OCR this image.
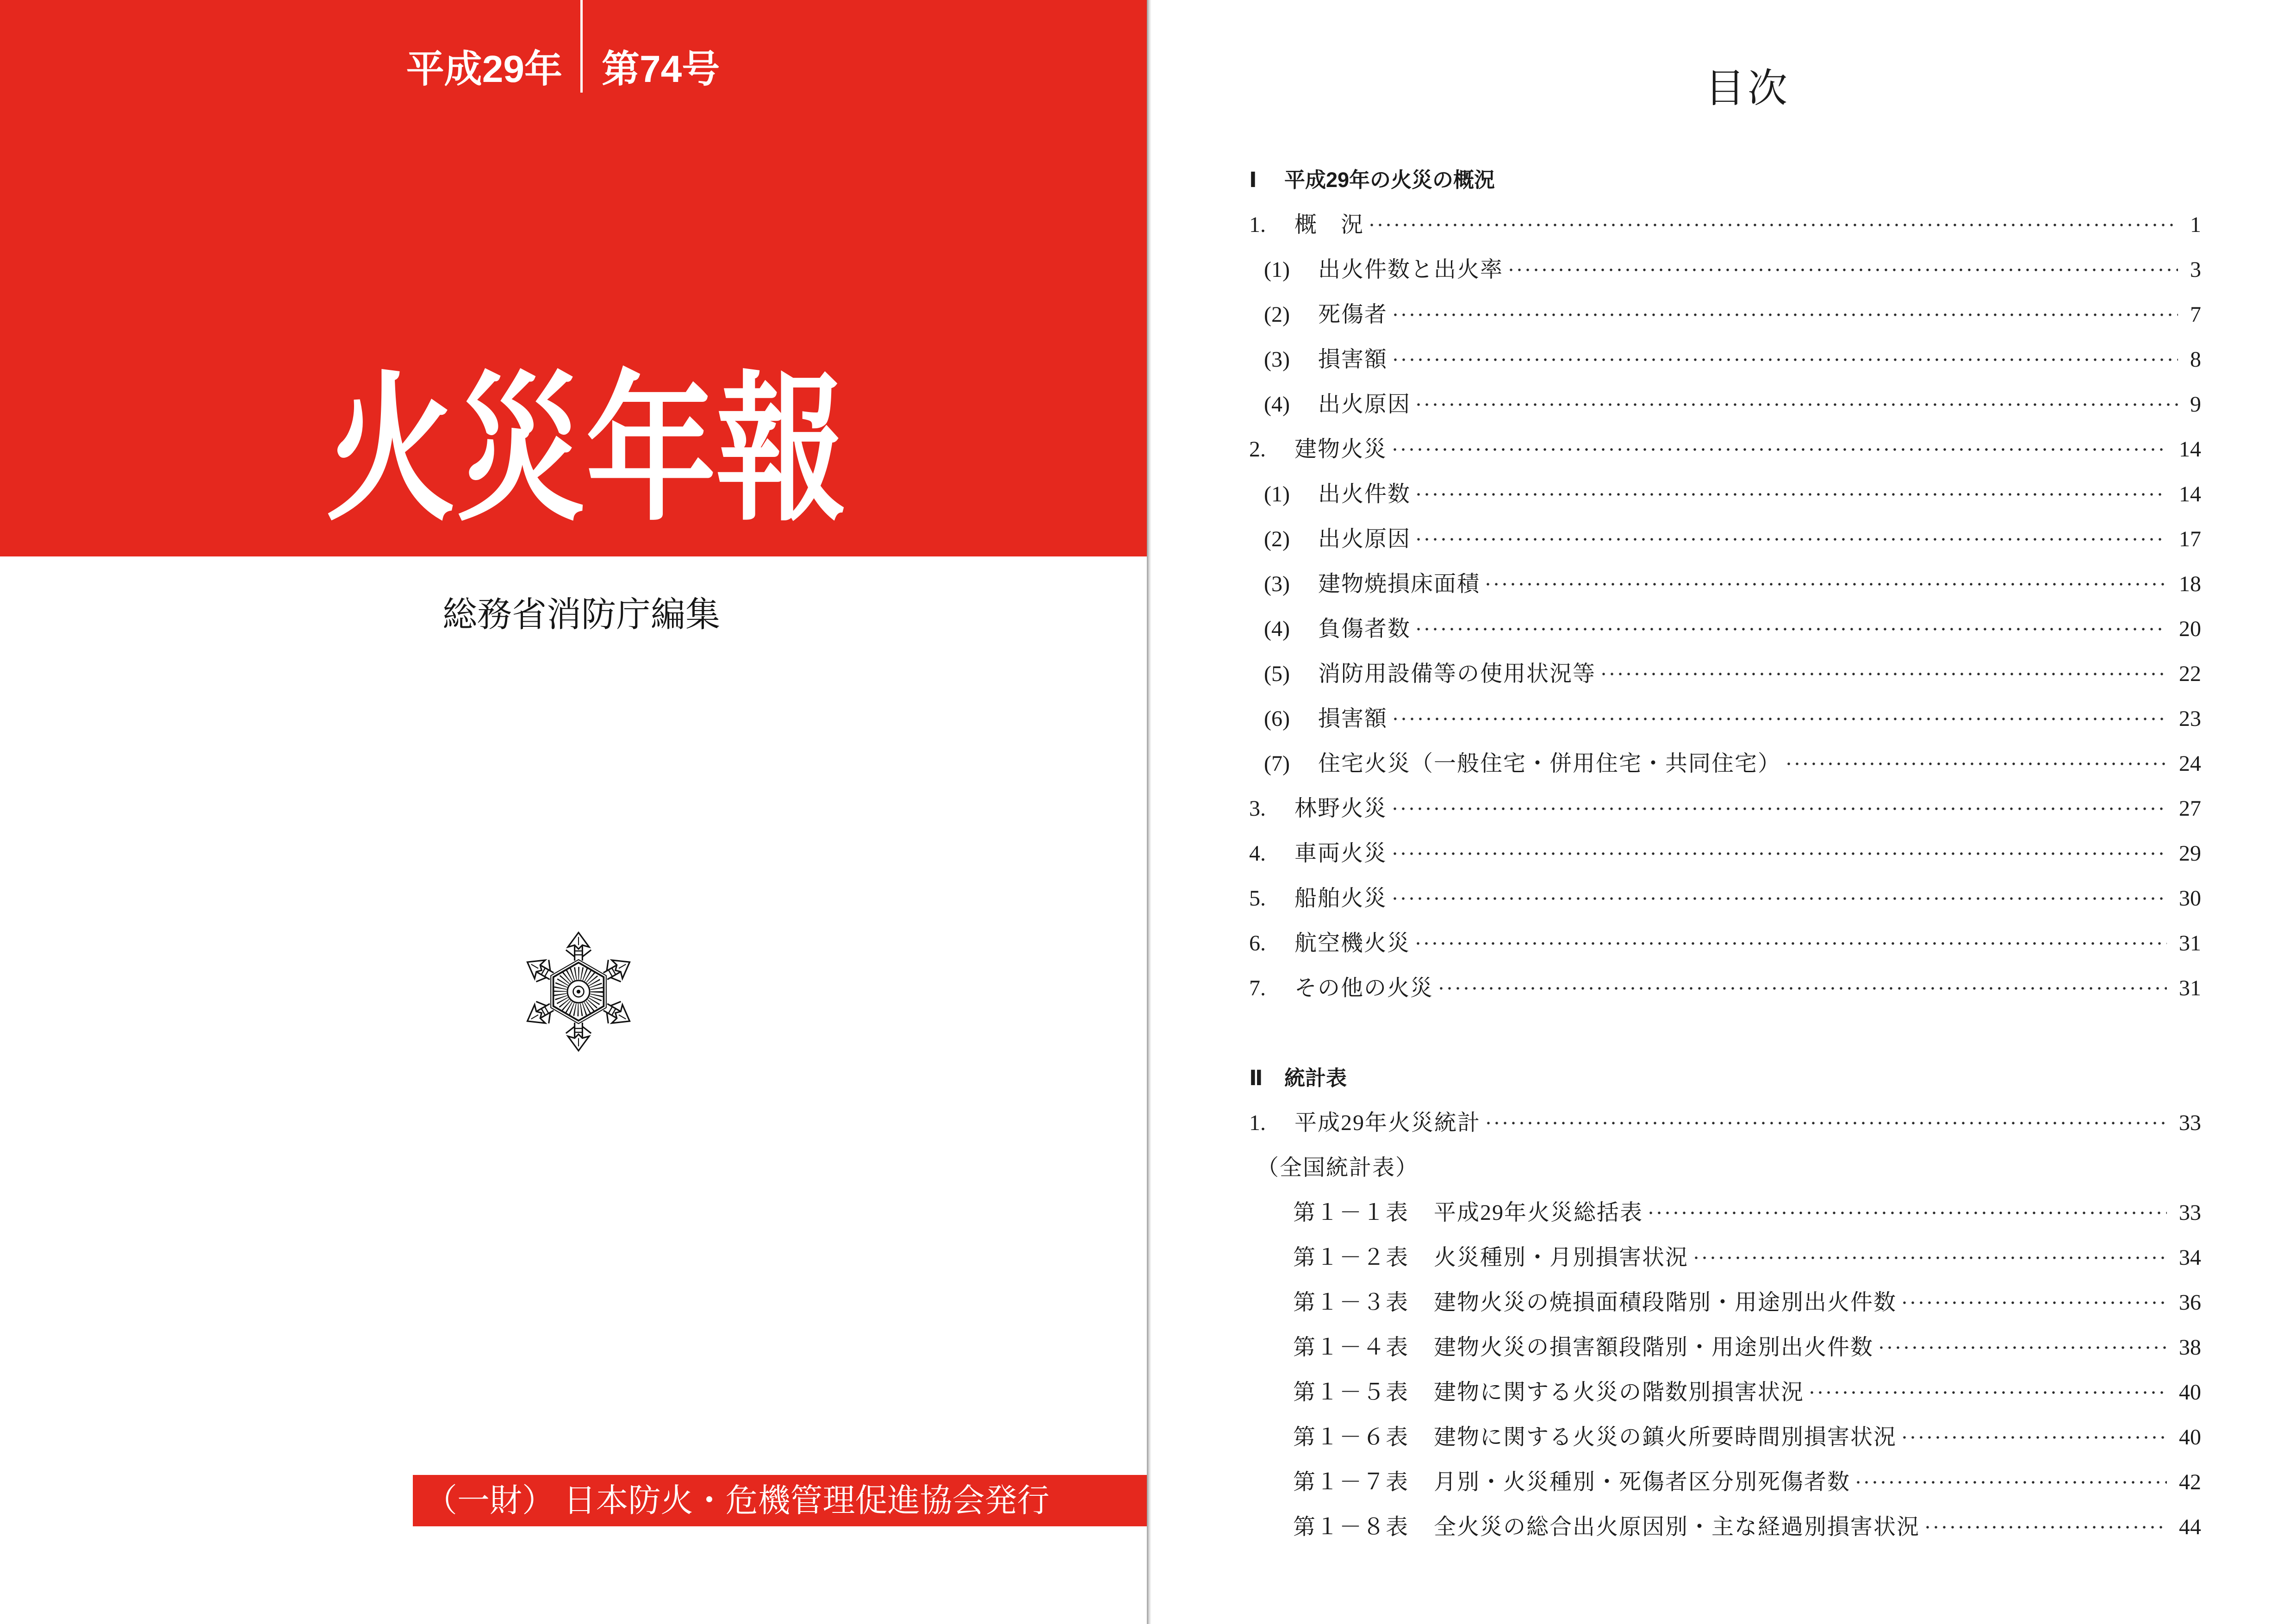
平成29年 第74号
火災年報
総務省消防庁編集
（一財） 日本防火・危機管理促進協会発行
目次
Ⅰ	平成29年の火災の概況
1.	概　況	1
(1)	出火件数と出火率	3
(2)	死傷者	7
(3)	損害額	8
(4)	出火原因	9
2.	建物火災	14
(1)	出火件数	14
(2)	出火原因	17
(3)	建物焼損床面積	18
(4)	負傷者数	20
(5)	消防用設備等の使用状況等	22
(6)	損害額	23
(7)	住宅火災（一般住宅・併用住宅・共同住宅）	24
3.	林野火災	27
4.	車両火災	29
5.	船舶火災	30
6.	航空機火災	31
7.	その他の火災	31
Ⅱ	統計表
1.	平成29年火災統計	33
（全国統計表）
第１－１表	平成29年火災総括表	33
第１－２表	火災種別・月別損害状況	34
第１－３表	建物火災の焼損面積段階別・用途別出火件数	36
第１－４表	建物火災の損害額段階別・用途別出火件数	38
第１－５表	建物に関する火災の階数別損害状況	40
第１－６表	建物に関する火災の鎮火所要時間別損害状況	40
第１－７表	月別・火災種別・死傷者区分別死傷者数	42
第１－８表	全火災の総合出火原因別・主な経過別損害状況	44
